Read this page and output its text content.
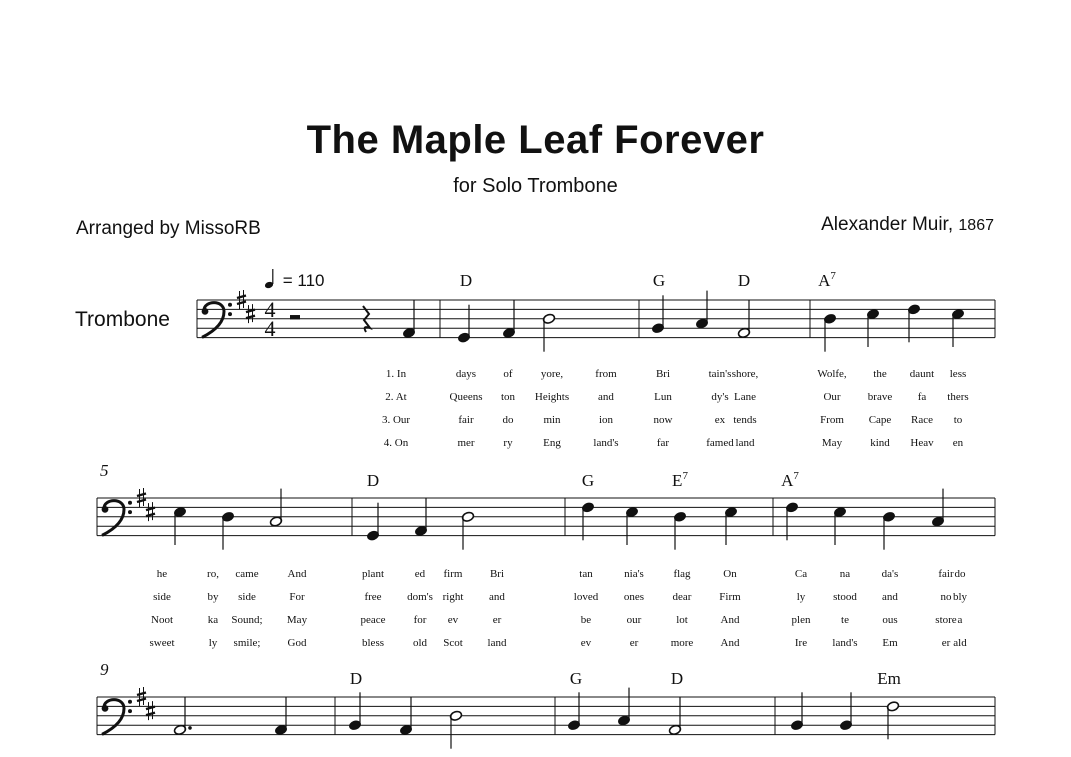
The Maple Leaf Forever
for Solo Trombone
Arranged by MissoRB	Alexander Muir, 1867
Trombone
= 110
4
4
D	G	D	$A^7$
1. In	days of	yore,	from	Bri	tain's shore,	Wolfe, the daunt less
2. At	Queens ton Heights	and	Lun	dy's Lane	Our brave fa thers
3. Our	fair	do	min	ion	now	ex tends	From Cape Race to
4. On	mer	ry	Eng	land's	far	famed land	May	kind Heav en
5
D	G	$E^7$	$A^7$
he	ro, came	And	plant	ed firm Bri	tan	nia's	flag	On	Ca	na	da's	fair do
side	by side	For	free dom's right and	loved ones	dear	Firm	ly	stood and	no bly
Noot	ka Sound; May	peace	for ev	er	be	our	lot	And	plen	te	ous	store a
sweet	ly smile; God	bless	old Scot land	ev	er	more And	Ire land's Em	er ald
9	D	G	D	Em
